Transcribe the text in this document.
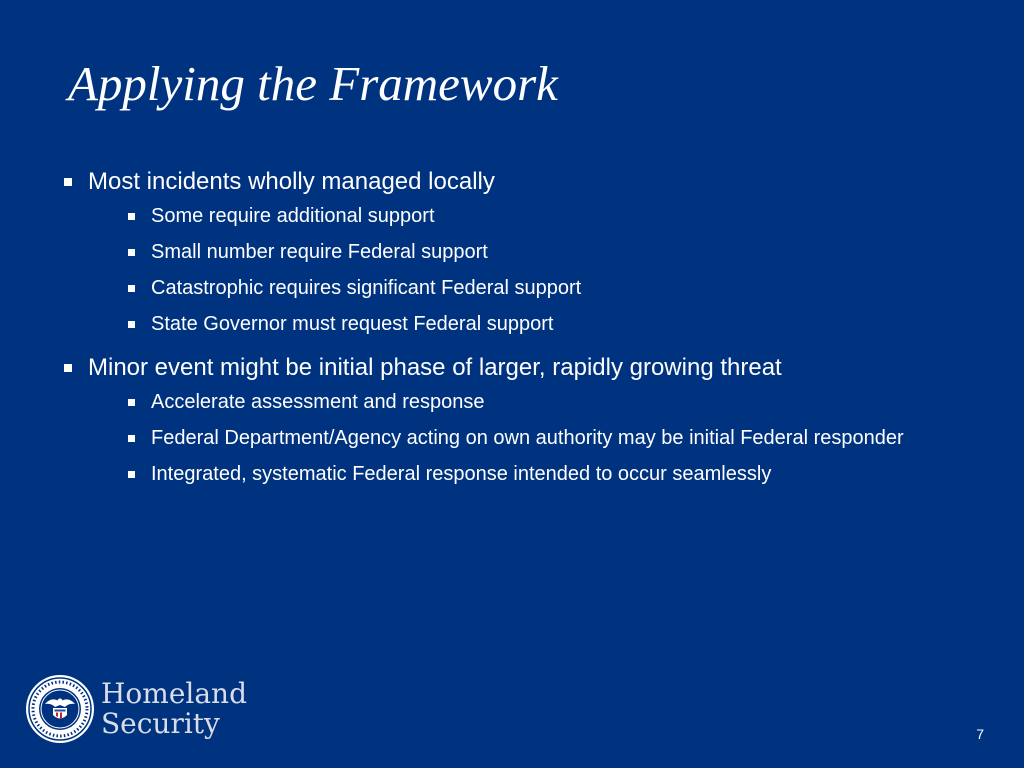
Applying the Framework
Most incidents wholly managed locally
Some require additional support
Small number require Federal support
Catastrophic requires significant Federal support
State Governor must request Federal support
Minor event might be initial phase of larger, rapidly growing threat
Accelerate assessment and response
Federal Department/Agency acting on own authority may be initial Federal responder
Integrated, systematic Federal response intended to occur seamlessly
Homeland
Security	7
